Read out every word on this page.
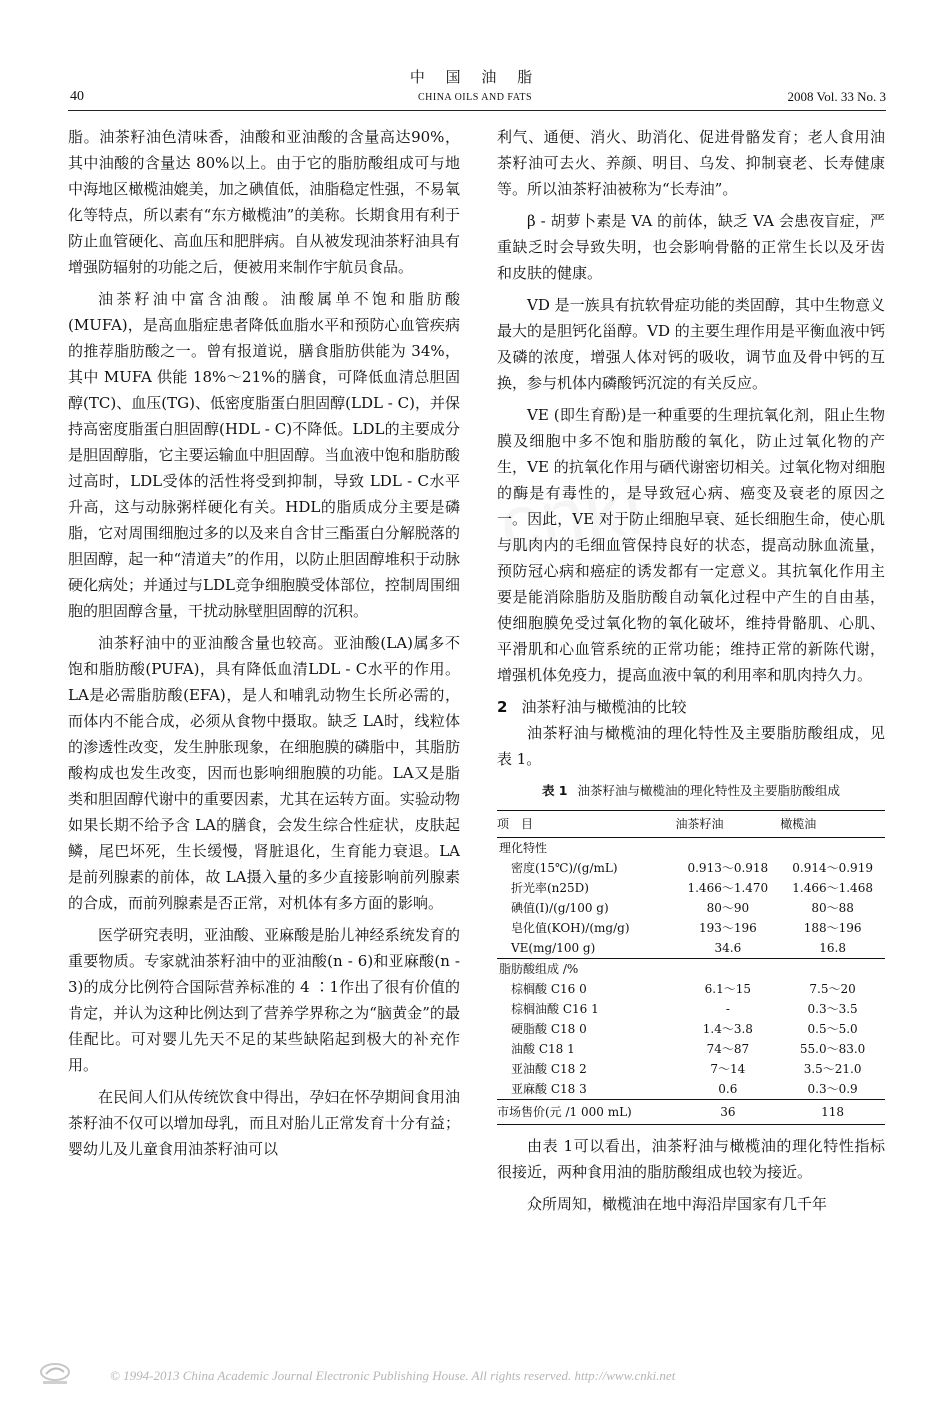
中 国 油 脂
CHINA OILS AND FATS
40	2008 Vol. 33 No. 3

脂。油茶籽油色清味香，油酸和亚油酸的含量高达90%，其中油酸的含量达 80%以上。由于它的脂肪酸组成可与地中海地区橄榄油媲美，加之碘值低，油脂稳定性强，不易氧化等特点，所以素有“东方橄榄油”的美称。长期食用有利于防止血管硬化、高血压和肥胖病。自从被发现油茶籽油具有增强防辐射的功能之后，便被用来制作宇航员食品。

油茶籽油中富含油酸。油酸属单不饱和脂肪酸(MUFA)，是高血脂症患者降低血脂水平和预防心血管疾病的推荐脂肪酸之一。曾有报道说，膳食脂肪供能为 34%，其中 MUFA 供能 18%～21%的膳食，可降低血清总胆固醇(TC)、血压(TG)、低密度脂蛋白胆固醇(LDL - C)，并保持高密度脂蛋白胆固醇(HDL - C)不降低。LDL的主要成分是胆固醇脂，它主要运输血中胆固醇。当血液中饱和脂肪酸过高时，LDL受体的活性将受到抑制，导致 LDL - C水平升高，这与动脉粥样硬化有关。HDL的脂质成分主要是磷脂，它对周围细胞过多的以及来自含甘三酯蛋白分解脱落的胆固醇，起一种“清道夫”的作用，以防止胆固醇堆积于动脉硬化病处；并通过与LDL竞争细胞膜受体部位，控制周围细胞的胆固醇含量，干扰动脉壁胆固醇的沉积。

油茶籽油中的亚油酸含量也较高。亚油酸(LA)属多不饱和脂肪酸(PUFA)，具有降低血清LDL - C水平的作用。LA是必需脂肪酸(EFA)，是人和哺乳动物生长所必需的，而体内不能合成，必须从食物中摄取。缺乏 LA时，线粒体的渗透性改变，发生肿胀现象，在细胞膜的磷脂中，其脂肪酸构成也发生改变，因而也影响细胞膜的功能。LA又是脂类和胆固醇代谢中的重要因素，尤其在运转方面。实验动物如果长期不给予含 LA的膳食，会发生综合性症状，皮肤起鳞，尾巴坏死，生长缓慢，肾脏退化，生育能力衰退。LA是前列腺素的前体，故 LA摄入量的多少直接影响前列腺素的合成，而前列腺素是否正常，对机体有多方面的影响。

医学研究表明，亚油酸、亚麻酸是胎儿神经系统发育的重要物质。专家就油茶籽油中的亚油酸(n - 6)和亚麻酸(n - 3)的成分比例符合国际营养标准的 4 ∶1作出了很有价值的肯定，并认为这种比例达到了营养学界称之为“脑黄金”的最佳配比。可对婴儿先天不足的某些缺陷起到极大的补充作用。

在民间人们从传统饮食中得出，孕妇在怀孕期间食用油茶籽油不仅可以增加母乳，而且对胎儿正常发育十分有益；婴幼儿及儿童食用油茶籽油可以

利气、通便、消火、助消化、促进骨骼发育；老人食用油茶籽油可去火、养颜、明目、乌发、抑制衰老、长寿健康等。所以油茶籽油被称为“长寿油”。

β - 胡萝卜素是 VA 的前体，缺乏 VA 会患夜盲症，严重缺乏时会导致失明，也会影响骨骼的正常生长以及牙齿和皮肤的健康。

VD 是一族具有抗软骨症功能的类固醇，其中生物意义最大的是胆钙化甾醇。VD 的主要生理作用是平衡血液中钙及磷的浓度，增强人体对钙的吸收，调节血及骨中钙的互换，参与机体内磷酸钙沉淀的有关反应。

VE (即生育酚)是一种重要的生理抗氧化剂，阻止生物膜及细胞中多不饱和脂肪酸的氧化，防止过氧化物的产生，VE 的抗氧化作用与硒代谢密切相关。过氧化物对细胞的酶是有毒性的，是导致冠心病、癌变及衰老的原因之一。因此，VE 对于防止细胞早衰、延长细胞生命，使心肌与肌肉内的毛细血管保持良好的状态，提高动脉血流量，预防冠心病和癌症的诱发都有一定意义。其抗氧化作用主要是能消除脂肪及脂肪酸自动氧化过程中产生的自由基，使细胞膜免受过氧化物的氧化破坏，维持骨骼肌、心肌、平滑肌和心血管系统的正常功能；维持正常的新陈代谢，增强机体免疫力，提高血液中氧的利用率和肌肉持久力。

2 油茶籽油与橄榄油的比较

油茶籽油与橄榄油的理化特性及主要脂肪酸组成，见表 1。

表 1 油茶籽油与橄榄油的理化特性及主要脂肪酸组成
项　目	油茶籽油	橄榄油
理化特性		
密度(15℃)/(g/mL)	0.913～0.918	0.914～0.919
折光率(n25D)	1.466～1.470	1.466～1.468
碘值(I)/(g/100 g)	80～90	80～88
皂化值(KOH)/(mg/g)	193～196	188～196
VE(mg/100 g)	34.6	16.8
脂肪酸组成 /%		
棕榈酸 C16 0	6.1～15	7.5～20
棕榈油酸 C16 1	-	0.3～3.5
硬脂酸 C18 0	1.4～3.8	0.5～5.0
油酸 C18 1	74～87	55.0～83.0
亚油酸 C18 2	7～14	3.5～21.0
亚麻酸 C18 3	0.6	0.3～0.9
市场售价(元 /1 000 mL)	36	118

由表 1可以看出，油茶籽油与橄榄油的理化特性指标很接近，两种食用油的脂肪酸组成也较为接近。

众所周知，橄榄油在地中海沿岸国家有几千年

© 1994-2013 China Academic Journal Electronic Publishing House. All rights reserved. http://www.cnki.net
